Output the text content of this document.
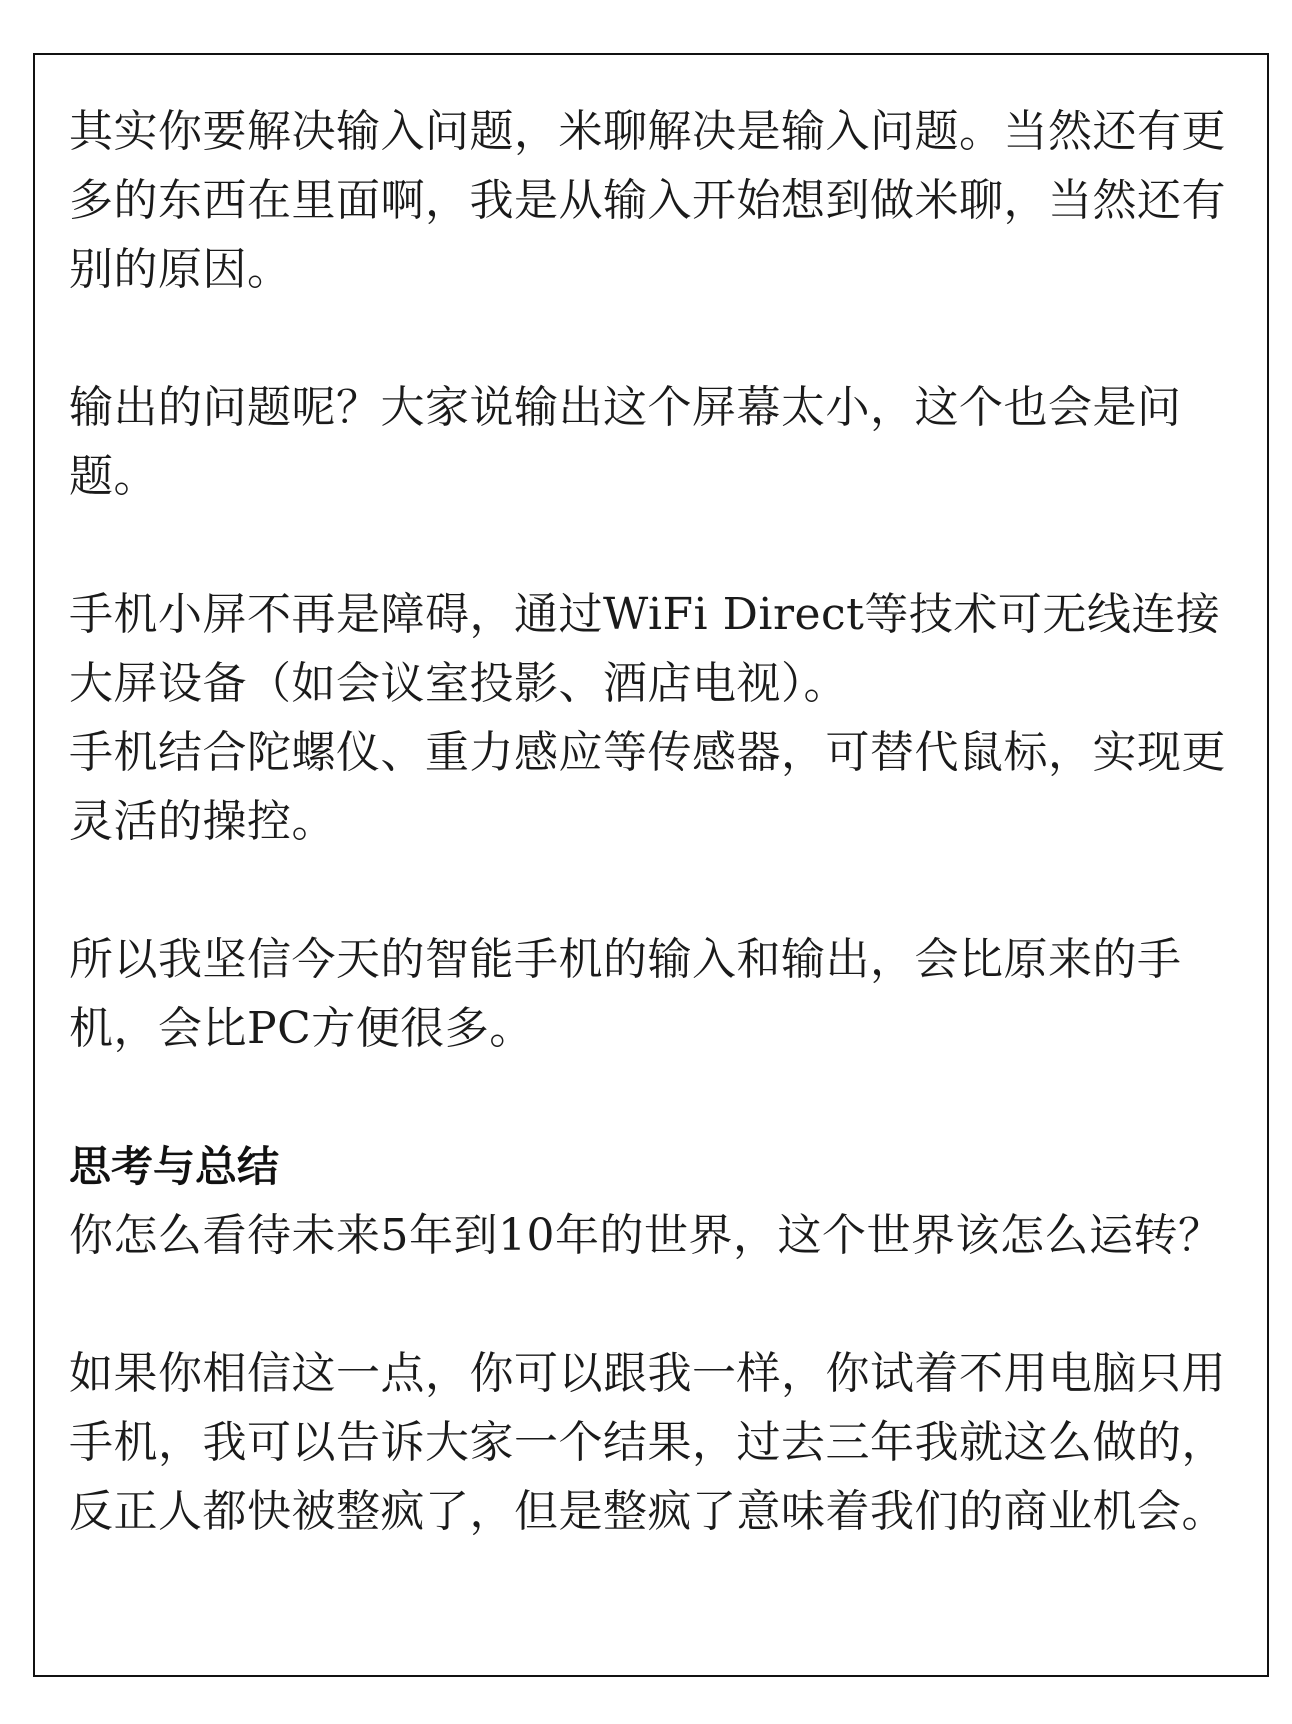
其实你要解决输入问题，米聊解决是输入问题。当然还有更多的东西在里面啊，我是从输入开始想到做米聊，当然还有别的原因。

输出的问题呢？大家说输出这个屏幕太小，这个也会是问题。

手机小屏不再是障碍，通过WiFi Direct等技术可无线连接大屏设备（如会议室投影、酒店电视）。

手机结合陀螺仪、重力感应等传感器，可替代鼠标，实现更灵活的操控。

所以我坚信今天的智能手机的输入和输出，会比原来的手机，会比PC方便很多。

思考与总结

你怎么看待未来5年到10年的世界，这个世界该怎么运转？

如果你相信这一点，你可以跟我一样，你试着不用电脑只用手机，我可以告诉大家一个结果，过去三年我就这么做的，反正人都快被整疯了，但是整疯了意味着我们的商业机会。
